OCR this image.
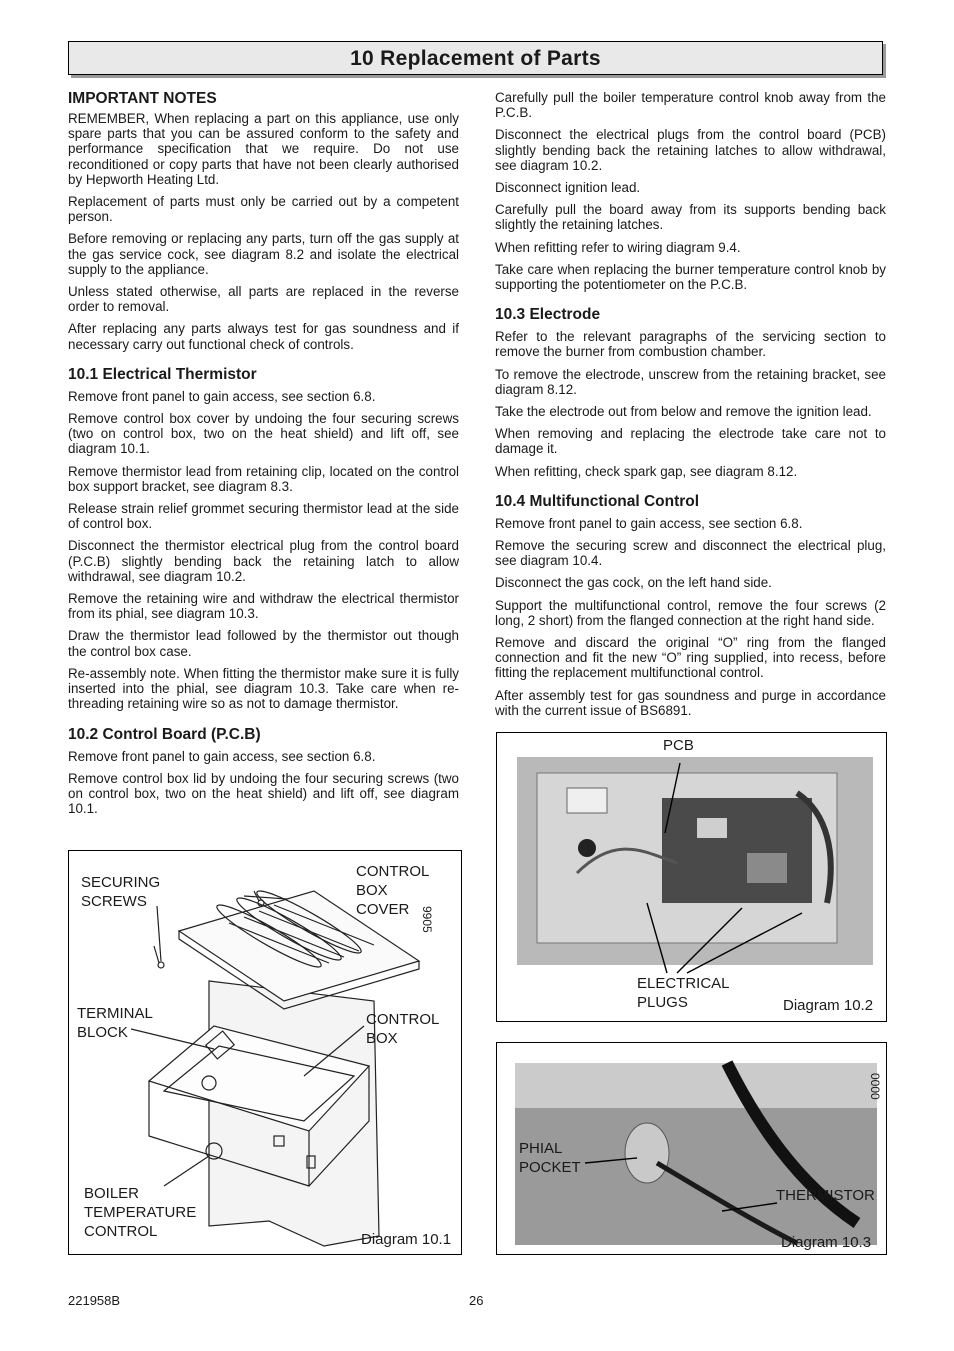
10 Replacement of Parts
IMPORTANT NOTES

REMEMBER, When replacing a part on this appliance, use only spare parts that you can be assured conform to the safety and performance specification that we require. Do not use reconditioned or copy parts that have not been clearly authorised by Hepworth Heating Ltd.

Replacement of parts must only be carried out by a competent person.

Before removing or replacing any parts, turn off the gas supply at the gas service cock, see diagram 8.2 and isolate the electrical supply to the appliance.

Unless stated otherwise, all parts are replaced in the reverse order to removal.

After replacing any parts always test for gas soundness and if necessary carry out functional check of controls.

10.1 Electrical Thermistor

Remove front panel to gain access, see section 6.8.

Remove control box cover by undoing the four securing screws (two on control box, two on the heat shield) and lift off, see diagram 10.1.

Remove thermistor lead from retaining clip, located on the control box support bracket, see diagram 8.3.

Release strain relief grommet securing thermistor lead at the side of control box.

Disconnect the thermistor electrical plug from the control board (P.C.B) slightly bending back the retaining latch to allow withdrawal, see diagram 10.2.

Remove the retaining wire and withdraw the electrical thermistor from its phial, see diagram 10.3.

Draw the thermistor lead followed by the thermistor out though the control box case.

Re-assembly note. When fitting the thermistor make sure it is fully inserted into the phial, see diagram 10.3. Take care when re-threading retaining wire so as not to damage thermistor.

10.2 Control Board (P.C.B)

Remove front panel to gain access, see section 6.8.

Remove control box lid by undoing the four securing screws (two on control box, two on the heat shield) and lift off, see diagram 10.1.

Carefully pull the boiler temperature control knob away from the P.C.B.

Disconnect the electrical plugs from the control board (PCB) slightly bending back the retaining latches to allow withdrawal, see diagram 10.2.

Disconnect ignition lead.

Carefully pull the board away from its supports bending back slightly the retaining latches.

When refitting refer to wiring diagram 9.4.

Take care when replacing the burner temperature control knob by supporting the potentiometer on the P.C.B.

10.3 Electrode

Refer to the relevant paragraphs of the servicing section to remove the burner from combustion chamber.

To remove the electrode, unscrew from the retaining bracket, see diagram 8.12.

Take the electrode out from below and remove the ignition lead.

When removing and replacing the electrode take care not to damage it.

When refitting, check spark gap, see diagram 8.12.

10.4 Multifunctional Control

Remove front panel to gain access, see section 6.8.

Remove the securing screw and disconnect the electrical plug, see diagram 10.4.

Disconnect the gas cock, on the left hand side.

Support the multifunctional control, remove the four screws (2 long, 2 short) from the flanged connection at the right hand side.

Remove and discard the original “O” ring from the flanged connection and fit the new “O” ring supplied, into recess, before fitting the replacement multifunctional control.

After assembly test for gas soundness and purge in accordance with the current issue of BS6891.

SECURING
SCREWS
CONTROL
BOX
COVER
TERMINAL
BLOCK
CONTROL
BOX
BOILER
TEMPERATURE
CONTROL	Diagram 10.1
9905
PCB
ELECTRICAL
PLUGS	Diagram 10.2
PHIAL
POCKET
THERMISTOR
Diagram 10.3
0000
221958B	26
